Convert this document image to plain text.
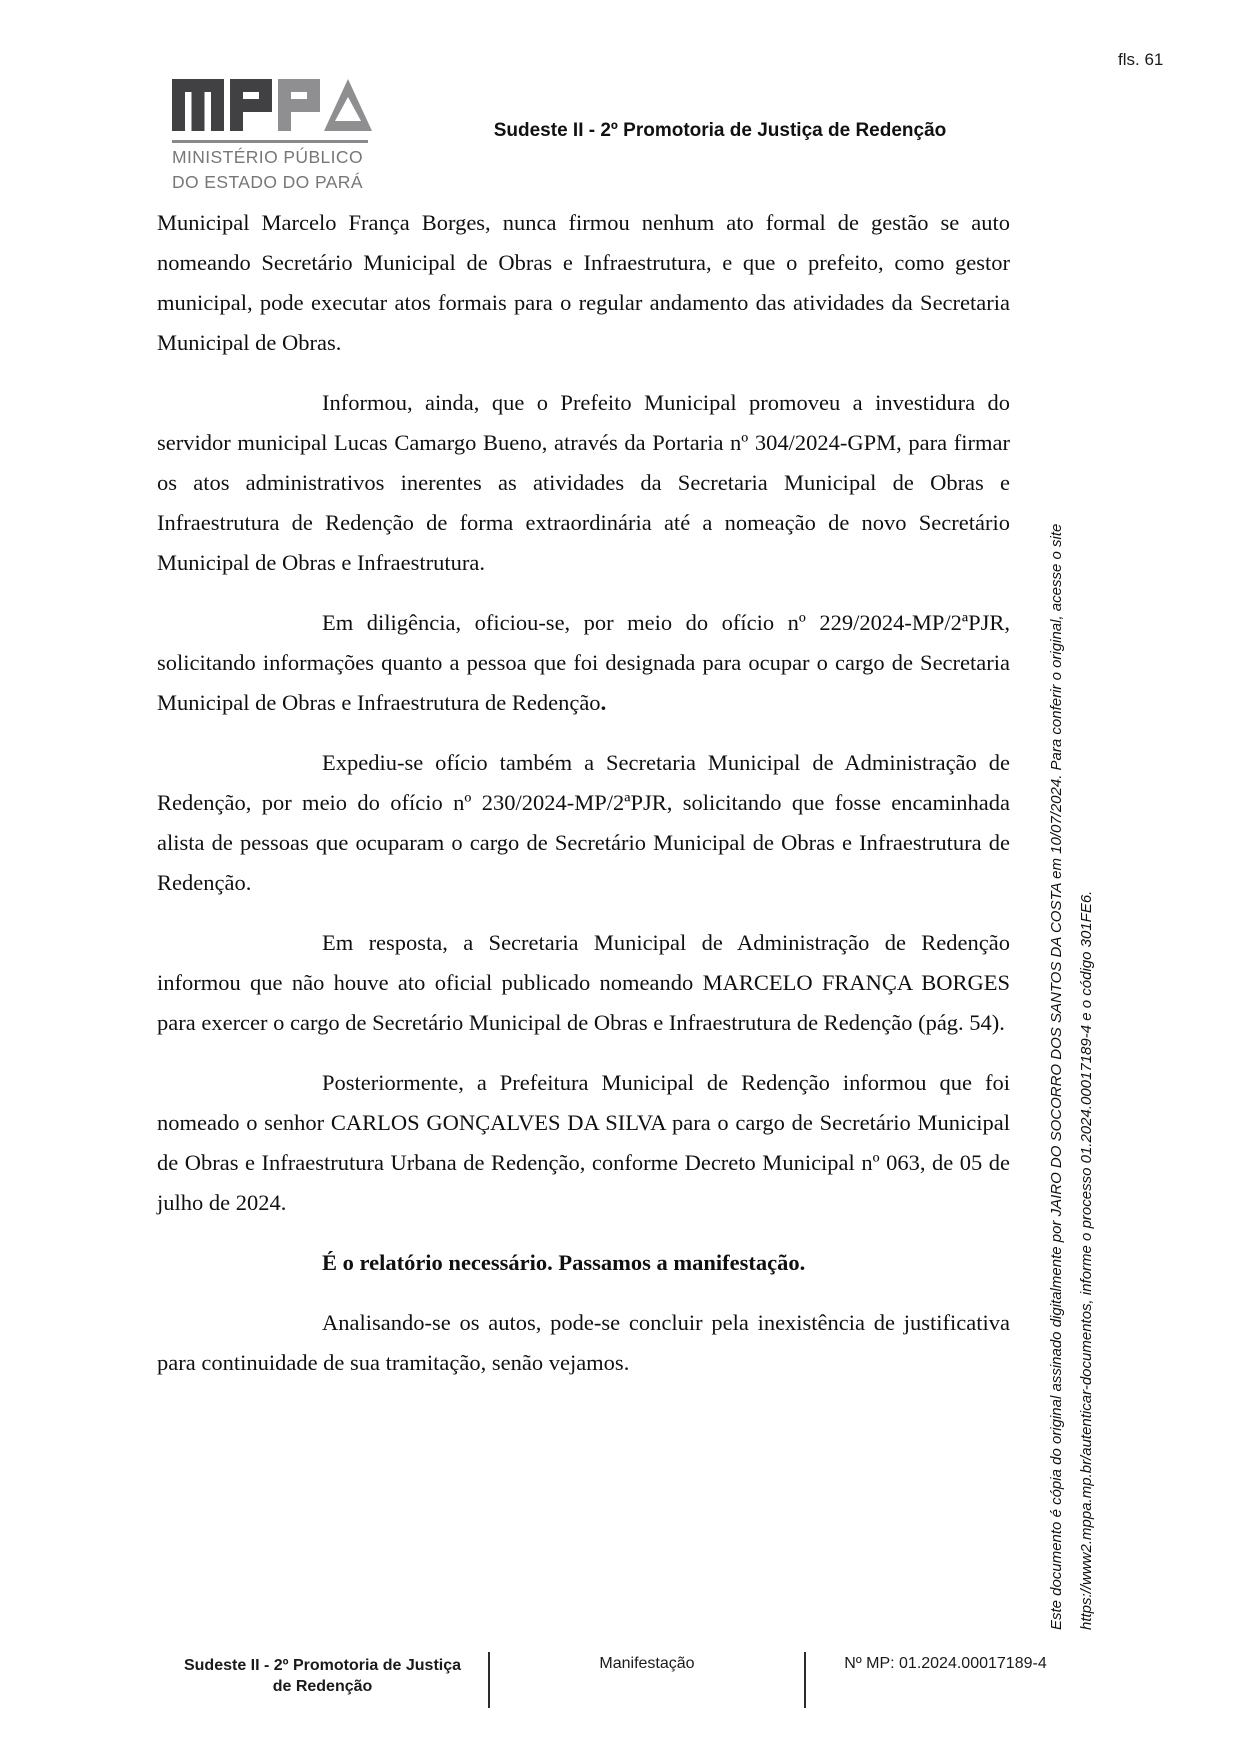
fls. 61
MINISTÉRIO PÚBLICO
DO ESTADO DO PARÁ
Sudeste II - 2º Promotoria de Justiça de Redenção

Municipal Marcelo França Borges, nunca firmou nenhum ato formal de gestão se auto nomeando Secretário Municipal de Obras e Infraestrutura, e que o prefeito, como gestor municipal, pode executar atos formais para o regular andamento das atividades da Secretaria Municipal de Obras.

Informou, ainda, que o Prefeito Municipal promoveu a investidura do servidor municipal Lucas Camargo Bueno, através da Portaria nº 304/2024-GPM, para firmar os atos administrativos inerentes as atividades da Secretaria Municipal de Obras e Infraestrutura de Redenção de forma extraordinária até a nomeação de novo Secretário Municipal de Obras e Infraestrutura.

Em diligência, oficiou-se, por meio do ofício nº 229/2024-MP/2ªPJR, solicitando informações quanto a pessoa que foi designada para ocupar o cargo de Secretaria Municipal de Obras e Infraestrutura de Redenção.

Expediu-se ofício também a Secretaria Municipal de Administração de Redenção, por meio do ofício nº 230/2024-MP/2ªPJR, solicitando que fosse encaminhada alista de pessoas que ocuparam o cargo de Secretário Municipal de Obras e Infraestrutura de Redenção.

Em resposta, a Secretaria Municipal de Administração de Redenção informou que não houve ato oficial publicado nomeando MARCELO FRANÇA BORGES para exercer o cargo de Secretário Municipal de Obras e Infraestrutura de Redenção (pág. 54).

Posteriormente, a Prefeitura Municipal de Redenção informou que foi nomeado o senhor CARLOS GONÇALVES DA SILVA para o cargo de Secretário Municipal de Obras e Infraestrutura Urbana de Redenção, conforme Decreto Municipal nº 063, de 05 de julho de 2024.

É o relatório necessário. Passamos a manifestação.

Analisando-se os autos, pode-se concluir pela inexistência de justificativa para continuidade de sua tramitação, senão vejamos.

Sudeste II - 2º Promotoria de Justiça
de Redenção
Manifestação	Nº MP: 01.2024.00017189-4
Este documento é cópia do original assinado digitalmente por JAIRO DO SOCORRO DOS SANTOS DA COSTA em 10/07/2024. Para conferir o original, acesse o site https://www2.mppa.mp.br/autenticar-documentos, informe o processo 01.2024.00017189-4 e o código 301FE6.
